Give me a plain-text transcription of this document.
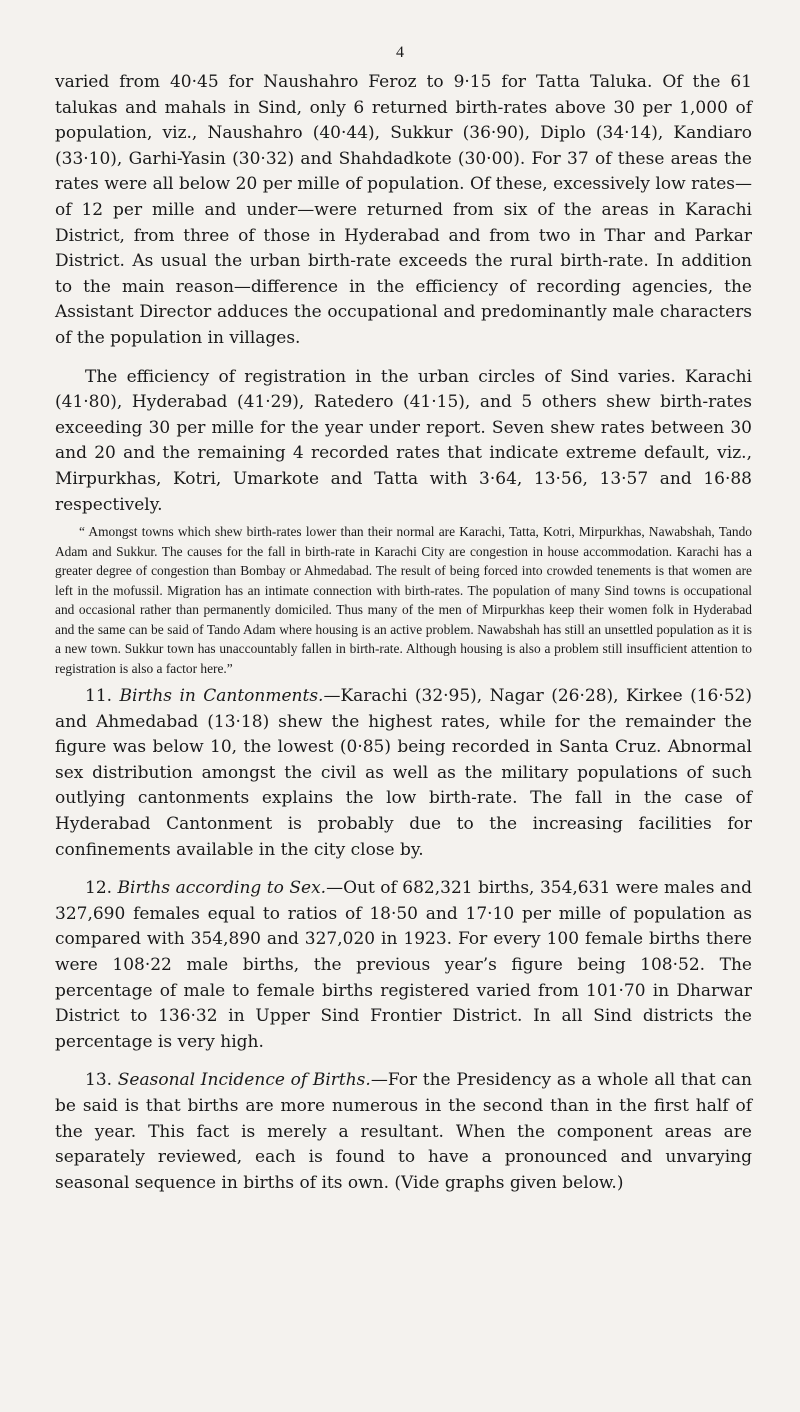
4

varied from 40·45 for Naushahro Feroz to 9·15 for Tatta Taluka. Of the 61 talukas and mahals in Sind, only 6 returned birth-rates above 30 per 1,000 of population, viz., Naushahro (40·44), Sukkur (36·90), Diplo (34·14), Kandiaro (33·10), Garhi-Yasin (30·32) and Shahdadkote (30·00). For 37 of these areas the rates were all below 20 per mille of population. Of these, excessively low rates—of 12 per mille and under—were returned from six of the areas in Karachi District, from three of those in Hyderabad and from two in Thar and Parkar District. As usual the urban birth-rate exceeds the rural birth-rate. In addition to the main reason—difference in the efficiency of recording agencies, the Assistant Director adduces the occupational and predominantly male characters of the population in villages.

The efficiency of registration in the urban circles of Sind varies. Karachi (41·80), Hyderabad (41·29), Ratedero (41·15), and 5 others shew birth-rates exceeding 30 per mille for the year under report. Seven shew rates between 30 and 20 and the remaining 4 recorded rates that indicate extreme default, viz., Mirpurkhas, Kotri, Umarkote and Tatta with 3·64, 13·56, 13·57 and 16·88 respectively.

“ Amongst towns which shew birth-rates lower than their normal are Karachi, Tatta, Kotri, Mirpurkhas, Nawabshah, Tando Adam and Sukkur. The causes for the fall in birth-rate in Karachi City are congestion in house accommodation. Karachi has a greater degree of congestion than Bombay or Ahmedabad. The result of being forced into crowded tenements is that women are left in the mofussil. Migration has an intimate connection with birth-rates. The population of many Sind towns is occupational and occasional rather than permanently domiciled. Thus many of the men of Mirpurkhas keep their women folk in Hyderabad and the same can be said of Tando Adam where housing is an active problem. Nawabshah has still an unsettled population as it is a new town. Sukkur town has unaccountably fallen in birth-rate. Although housing is also a problem still insufficient attention to registration is also a factor here.”

11. Births in Cantonments.—Karachi (32·95), Nagar (26·28), Kirkee (16·52) and Ahmedabad (13·18) shew the highest rates, while for the remainder the figure was below 10, the lowest (0·85) being recorded in Santa Cruz. Abnormal sex distribution amongst the civil as well as the military populations of such outlying cantonments explains the low birth-rate. The fall in the case of Hyderabad Cantonment is probably due to the increasing facilities for confinements available in the city close by.

12. Births according to Sex.—Out of 682,321 births, 354,631 were males and 327,690 females equal to ratios of 18·50 and 17·10 per mille of population as compared with 354,890 and 327,020 in 1923. For every 100 female births there were 108·22 male births, the previous year’s figure being 108·52. The percentage of male to female births registered varied from 101·70 in Dharwar District to 136·32 in Upper Sind Frontier District. In all Sind districts the percentage is very high.

13. Seasonal Incidence of Births.—For the Presidency as a whole all that can be said is that births are more numerous in the second than in the first half of the year. This fact is merely a resultant. When the component areas are separately reviewed, each is found to have a pronounced and unvarying seasonal sequence in births of its own. (Vide graphs given below.)
